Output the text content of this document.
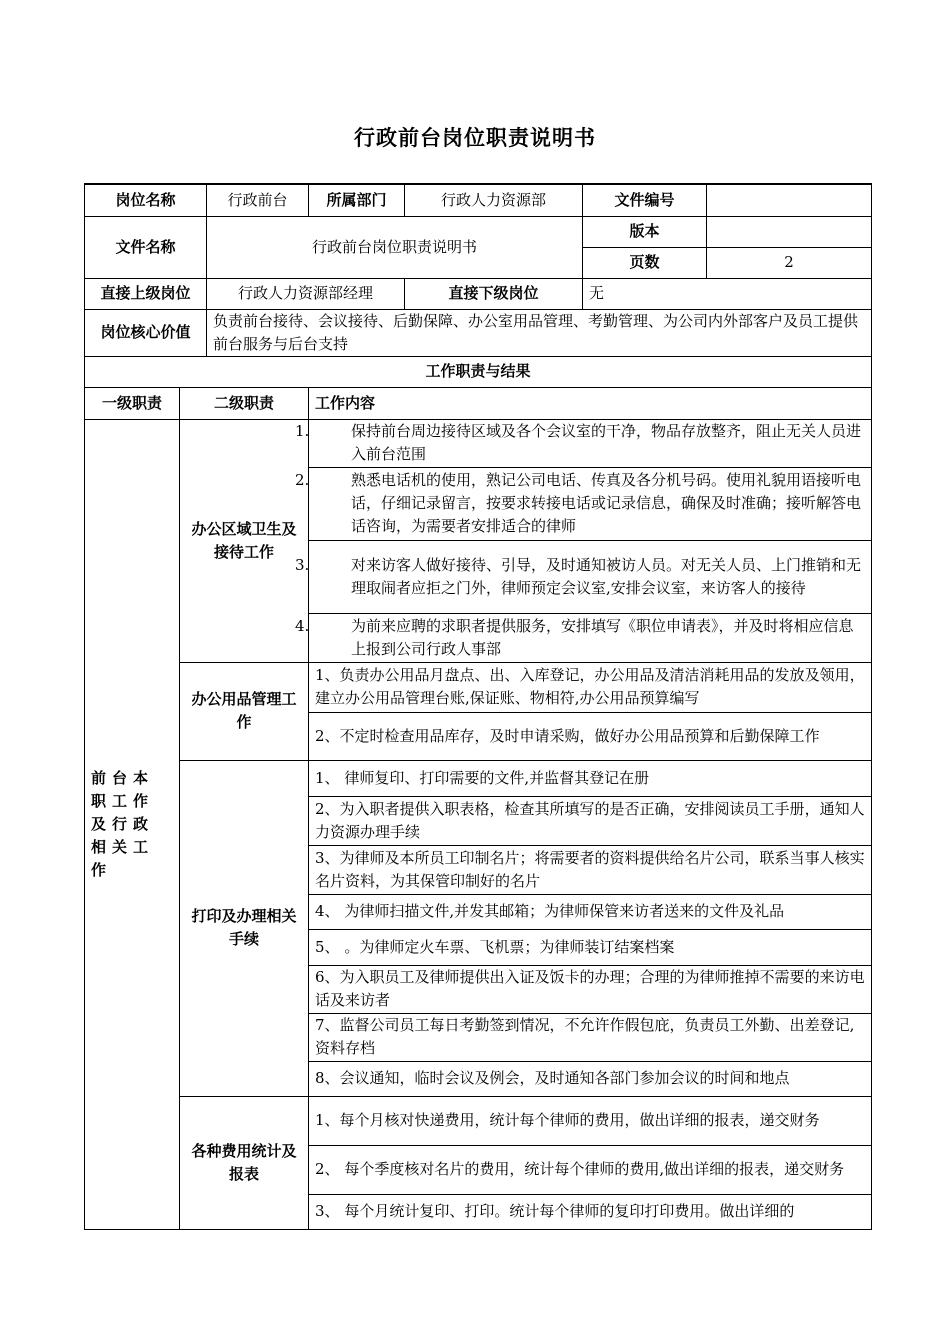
行政前台岗位职责说明书
岗位名称		行政前台	所属部门	行政人力资源部	文件编号	
文件名称		行政前台岗位职责说明书			版本	
					页数	2
直接上级岗位		行政人力资源部经理		直接下级岗位	无	
岗位核心价值		负责前台接待、会议接待、后勤保障、办公室用品管理、考勤管理、为公司内外部客户及员工提供前台服务与后台支持				
工作职责与结果						
一级职责	二级职责		工作内容			
前台本职工作及行政相关工作	办公区域卫生及接待工作		1. 保持前台周边接待区域及各个会议室的干净，物品存放整齐，阻止无关人员进入前台范围			

			2. 熟悉电话机的使用，熟记公司电话、传真及各分机号码。使用礼貌用语接听电话，仔细记录留言，按要求转接电话或记录信息，确保及时准确；接听解答电话咨询，为需要者安排适合的律师			

			3. 对来访客人做好接待、引导，及时通知被访人员。对无关人员、上门推销和无理取闹者应拒之门外，律师预定会议室,安排会议室，来访客人的接待			

			4. 为前来应聘的求职者提供服务，安排填写《职位申请表》，并及时将相应信息上报到公司行政人事部			

	办公用品管理工作		1、负责办公用品月盘点、出、入库登记，办公用品及清洁消耗用品的发放及领用，建立办公用品管理台账,保证账、物相符,办公用品预算编写			
			2、不定时检查用品库存，及时申请采购，做好办公用品预算和后勤保障工作			
	打印及办理相关手续		1、 律师复印、打印需要的文件,并监督其登记在册			
			2、为入职者提供入职表格，检查其所填写的是否正确，安排阅读员工手册，通知人力资源办理手续			
			3、为律师及本所员工印制名片；将需要者的资料提供给名片公司，联系当事人核实名片资料，为其保管印制好的名片			
			4、 为律师扫描文件,并发其邮箱；为律师保管来访者送来的文件及礼品			
			5、 。为律师定火车票、飞机票；为律师装订结案档案			
			6、为入职员工及律师提供出入证及饭卡的办理；合理的为律师推掉不需要的来访电话及来访者			
			7、监督公司员工每日考勤签到情况，不允许作假包庇，负责员工外勤、出差登记,资料存档			
			8、会议通知，临时会议及例会，及时通知各部门参加会议的时间和地点			
	各种费用统计及报表		1、每个月核对快递费用，统计每个律师的费用，做出详细的报表，递交财务			
			2、 每个季度核对名片的费用，统计每个律师的费用,做出详细的报表，递交财务			
			3、 每个月统计复印、打印。统计每个律师的复印打印费用。做出详细的			
